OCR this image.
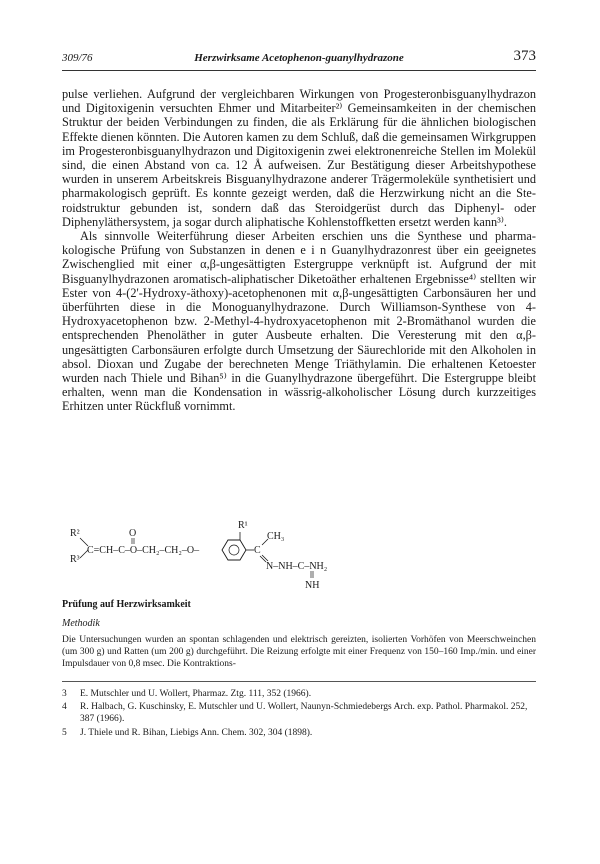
309/76	Herzwirksame Acetophenon-guanylhydrazone	373

pulse verliehen. Aufgrund der vergleichbaren Wirkungen von Progesteronbisguanylhydrazon und Digitoxigenin versuchten Ehmer und Mitarbeiter²⁾ Gemeinsamkeiten in der chemischen Struktur der beiden Verbindungen zu finden, die als Erklärung für die ähnlichen biologischen Effekte dienen könnten. Die Autoren kamen zu dem Schluß, daß die gemeinsamen Wirkgruppen im Progesteronbisguanylhydrazon und Digitoxigenin zwei elektronenreiche Stellen im Molekül sind, die einen Abstand von ca. 12 Å aufweisen. Zur Bestätigung dieser Arbeitshypothese wurden in unserem Arbeitskreis Bisguanylhydrazone anderer Trägermoleküle synthetisiert und pharmakologisch geprüft. Es konnte gezeigt werden, daß die Herzwirkung nicht an die Steroidstruktur gebunden ist, sondern daß das Steroidgerüst durch das Diphenyl- oder Diphenyläthersystem, ja sogar durch aliphatische Kohlenstoffketten ersetzt werden kann³⁾.

Als sinnvolle Weiterführung dieser Arbeiten erschien uns die Synthese und pharmakologische Prüfung von Substanzen in denen e i n Guanylhydrazonrest über ein geeignetes Zwischenglied mit einer α,β-ungesättigten Estergruppe verknüpft ist. Aufgrund der mit Bisguanylhydrazonen aromatisch-aliphatischer Diketoäther erhaltenen Ergebnisse⁴⁾ stellten wir Ester von 4-(2'-Hydroxy-äthoxy)-acetophenonen mit α,β-ungesättigten Carbonsäuren her und überführten diese in die Monoguanylhydrazone. Durch Williamson-Synthese von 4-Hydroxyacetophenon bzw. 2-Methyl-4-hydroxyacetophenon mit 2-Bromäthanol wurden die entsprechenden Phenoläther in guter Ausbeute erhalten. Die Veresterung mit den α,β-ungesättigten Carbonsäuren erfolgte durch Umsetzung der Säurechloride mit den Alkoholen in absol. Dioxan und Zugabe der berechneten Menge Triäthylamin. Die erhaltenen Ketoester wurden nach Thiele und Bihan⁵⁾ in die Guanylhydrazone übergeführt. Die Estergruppe bleibt erhalten, wenn man die Kondensation in wässrig-alkoholischer Lösung durch kurzzeitiges Erhitzen unter Rückfluß vornimmt.

R²
R³
O
C=CH–C–O–CH₂–CH₂–O–
R¹
C
CH₃
N–NH–C–NH₂
NH
Prüfung auf Herzwirksamkeit
Methodik
Die Untersuchungen wurden an spontan schlagenden und elektrisch gereizten, isolierten Vorhöfen von Meerschweinchen (um 300 g) und Ratten (um 200 g) durchgeführt. Die Reizung erfolgte mit einer Frequenz von 150–160 Imp./min. und einer Impulsdauer von 0,8 msec. Die Kontraktions-
3 E. Mutschler und U. Wollert, Pharmaz. Ztg. 111, 352 (1966).
4 R. Halbach, G. Kuschinsky, E. Mutschler und U. Wollert, Naunyn-Schmiedebergs Arch. exp. Pathol. Pharmakol. 252, 387 (1966).
5 J. Thiele und R. Bihan, Liebigs Ann. Chem. 302, 304 (1898).
